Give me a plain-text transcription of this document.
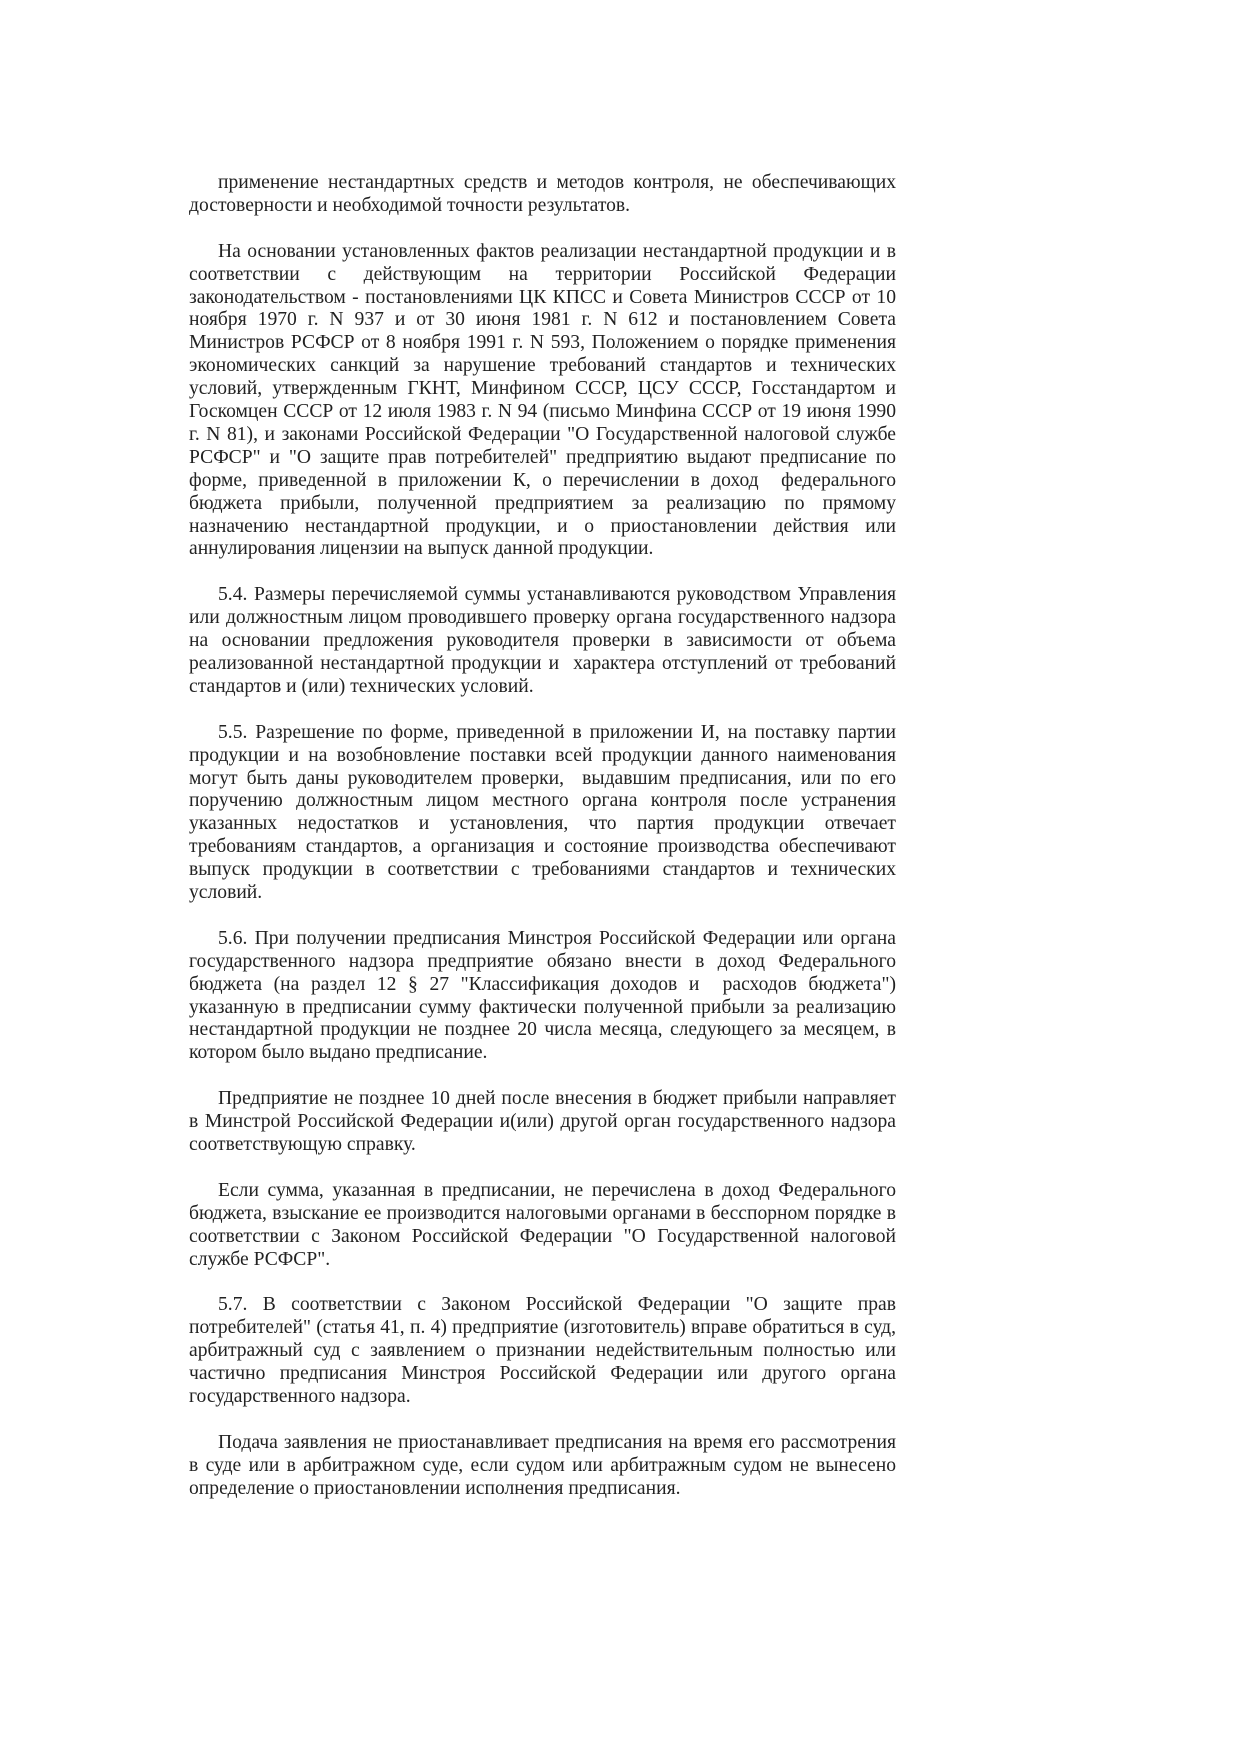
применение нестандартных средств и методов контроля, не обеспечивающих достоверности и необходимой точности результатов.

На основании установленных фактов реализации нестандартной продукции и в соответствии с действующим на территории Российской Федерации законодательством - постановлениями ЦК КПСС и Совета Министров СССР от 10 ноября 1970 г. N 937 и от 30 июня 1981 г. N 612 и постановлением Совета Министров РСФСР от 8 ноября 1991 г. N 593, Положением о порядке применения экономических санкций за нарушение требований стандартов и технических условий, утвержденным ГКНТ, Минфином СССР, ЦСУ СССР, Госстандартом и Госкомцен СССР от 12 июля 1983 г. N 94 (письмо Минфина СССР от 19 июня 1990 г. N 81), и законами Российской Федерации "О Государственной налоговой службе РСФСР" и "О защите прав потребителей" предприятию выдают предписание по форме, приведенной в приложении К, о перечислении в доход  федерального бюджета прибыли, полученной предприятием за реализацию по прямому назначению нестандартной продукции, и о приостановлении действия или аннулирования лицензии на выпуск данной продукции.

5.4. Размеры перечисляемой суммы устанавливаются руководством Управления или должностным лицом проводившего проверку органа государственного надзора  на основании предложения руководителя проверки в зависимости от объема реализованной нестандартной продукции и  характера отступлений от требований стандартов и (или) технических условий.

5.5. Разрешение по форме, приведенной в приложении И, на поставку партии продукции и на возобновление поставки всей продукции данного наименования могут быть даны руководителем проверки,  выдавшим предписания, или по его поручению должностным лицом местного органа контроля после устранения указанных недостатков и установления, что партия продукции отвечает требованиям стандартов, а организация и состояние производства обеспечивают  выпуск продукции в соответствии с требованиями стандартов и технических условий.

5.6. При получении предписания Минстроя Российской Федерации или органа государственного надзора предприятие обязано внести в доход Федерального бюджета (на раздел 12 § 27 "Классификация доходов и  расходов бюджета") указанную в предписании сумму фактически полученной прибыли за реализацию нестандартной продукции не позднее 20 числа месяца, следующего за месяцем, в котором было выдано предписание.

Предприятие не позднее 10 дней после внесения в бюджет прибыли направляет в Минстрой Российской Федерации и(или) другой орган государственного надзора соответствующую справку.

Если сумма, указанная в предписании, не перечислена в доход Федерального бюджета, взыскание ее производится налоговыми органами в бесспорном порядке в соответствии с Законом Российской Федерации "О Государственной налоговой службе РСФСР".

5.7. В соответствии с Законом Российской Федерации "О защите прав потребителей" (статья 41, п. 4) предприятие (изготовитель) вправе обратиться в суд, арбитражный суд с заявлением о признании недействительным полностью или частично предписания Минстроя Российской Федерации или другого органа государственного надзора.

Подача заявления не приостанавливает предписания на время его рассмотрения в суде или в арбитражном суде, если судом или арбитражным судом не вынесено определение о приостановлении исполнения предписания.
